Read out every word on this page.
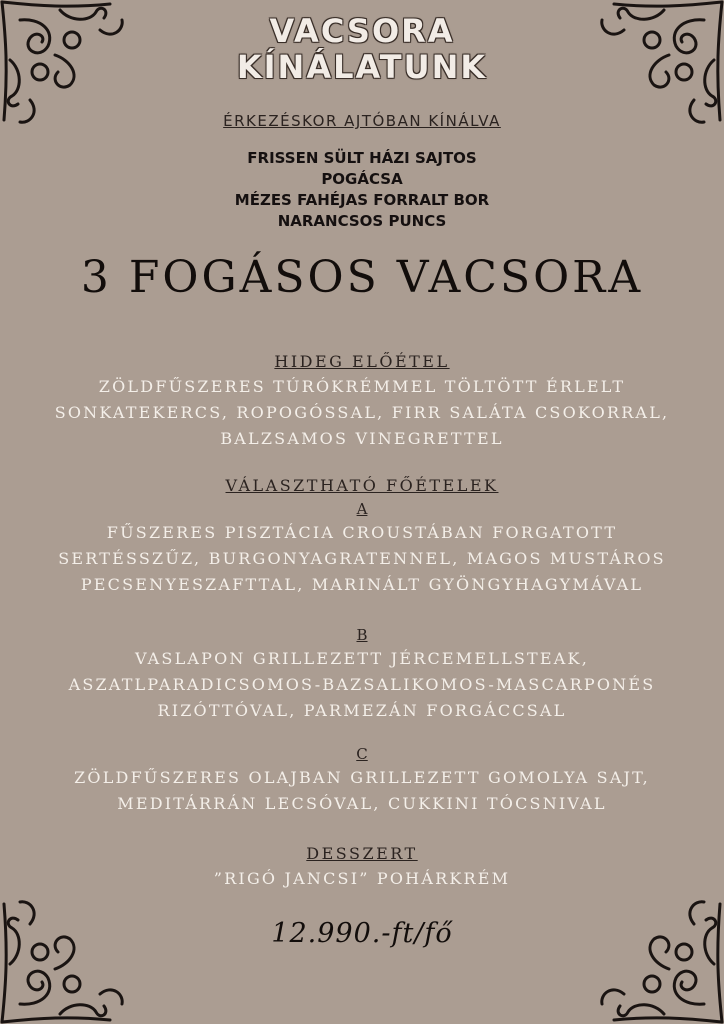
VACSORA
KÍNÁLATUNK
ÉRKEZÉSKOR AJTÓBAN KÍNÁLVA
FRISSEN SÜLT HÁZI SAJTOS
POGÁCSA
MÉZES FAHÉJAS FORRALT BOR
NARANCSOS PUNCS
3 FOGÁSOS VACSORA
HIDEG ELŐÉTEL
ZÖLDFŰSZERES TÚRÓKRÉMMEL TÖLTÖTT ÉRLELT
SONKATEKERCS, ROPOGÓSSAL, FIRR SALÁTA CSOKORRAL,
BALZSAMOS VINEGRETTEL
VÁLASZTHATÓ FŐÉTELEK
A
FŰSZERES PISZTÁCIA CROUSTÁBAN FORGATOTT
SERTÉSSZŰZ, BURGONYAGRATENNEL, MAGOS MUSTÁROS
PECSENYESZAFTTAL, MARINÁLT GYÖNGYHAGYMÁVAL
B
VASLAPON GRILLEZETT JÉRCEMELLSTEAK,
ASZATLPARADICSOMOS-BAZSALIKOMOS-MASCARPONÉS
RIZÓTTÓVAL, PARMEZÁN FORGÁCCSAL
C
ZÖLDFŰSZERES OLAJBAN GRILLEZETT GOMOLYA SAJT,
MEDITÁRRÁN LECSÓVAL, CUKKINI TÓCSNIVAL
DESSZERT
”RIGÓ JANCSI” POHÁRKRÉM
12.990.-ft/fő
